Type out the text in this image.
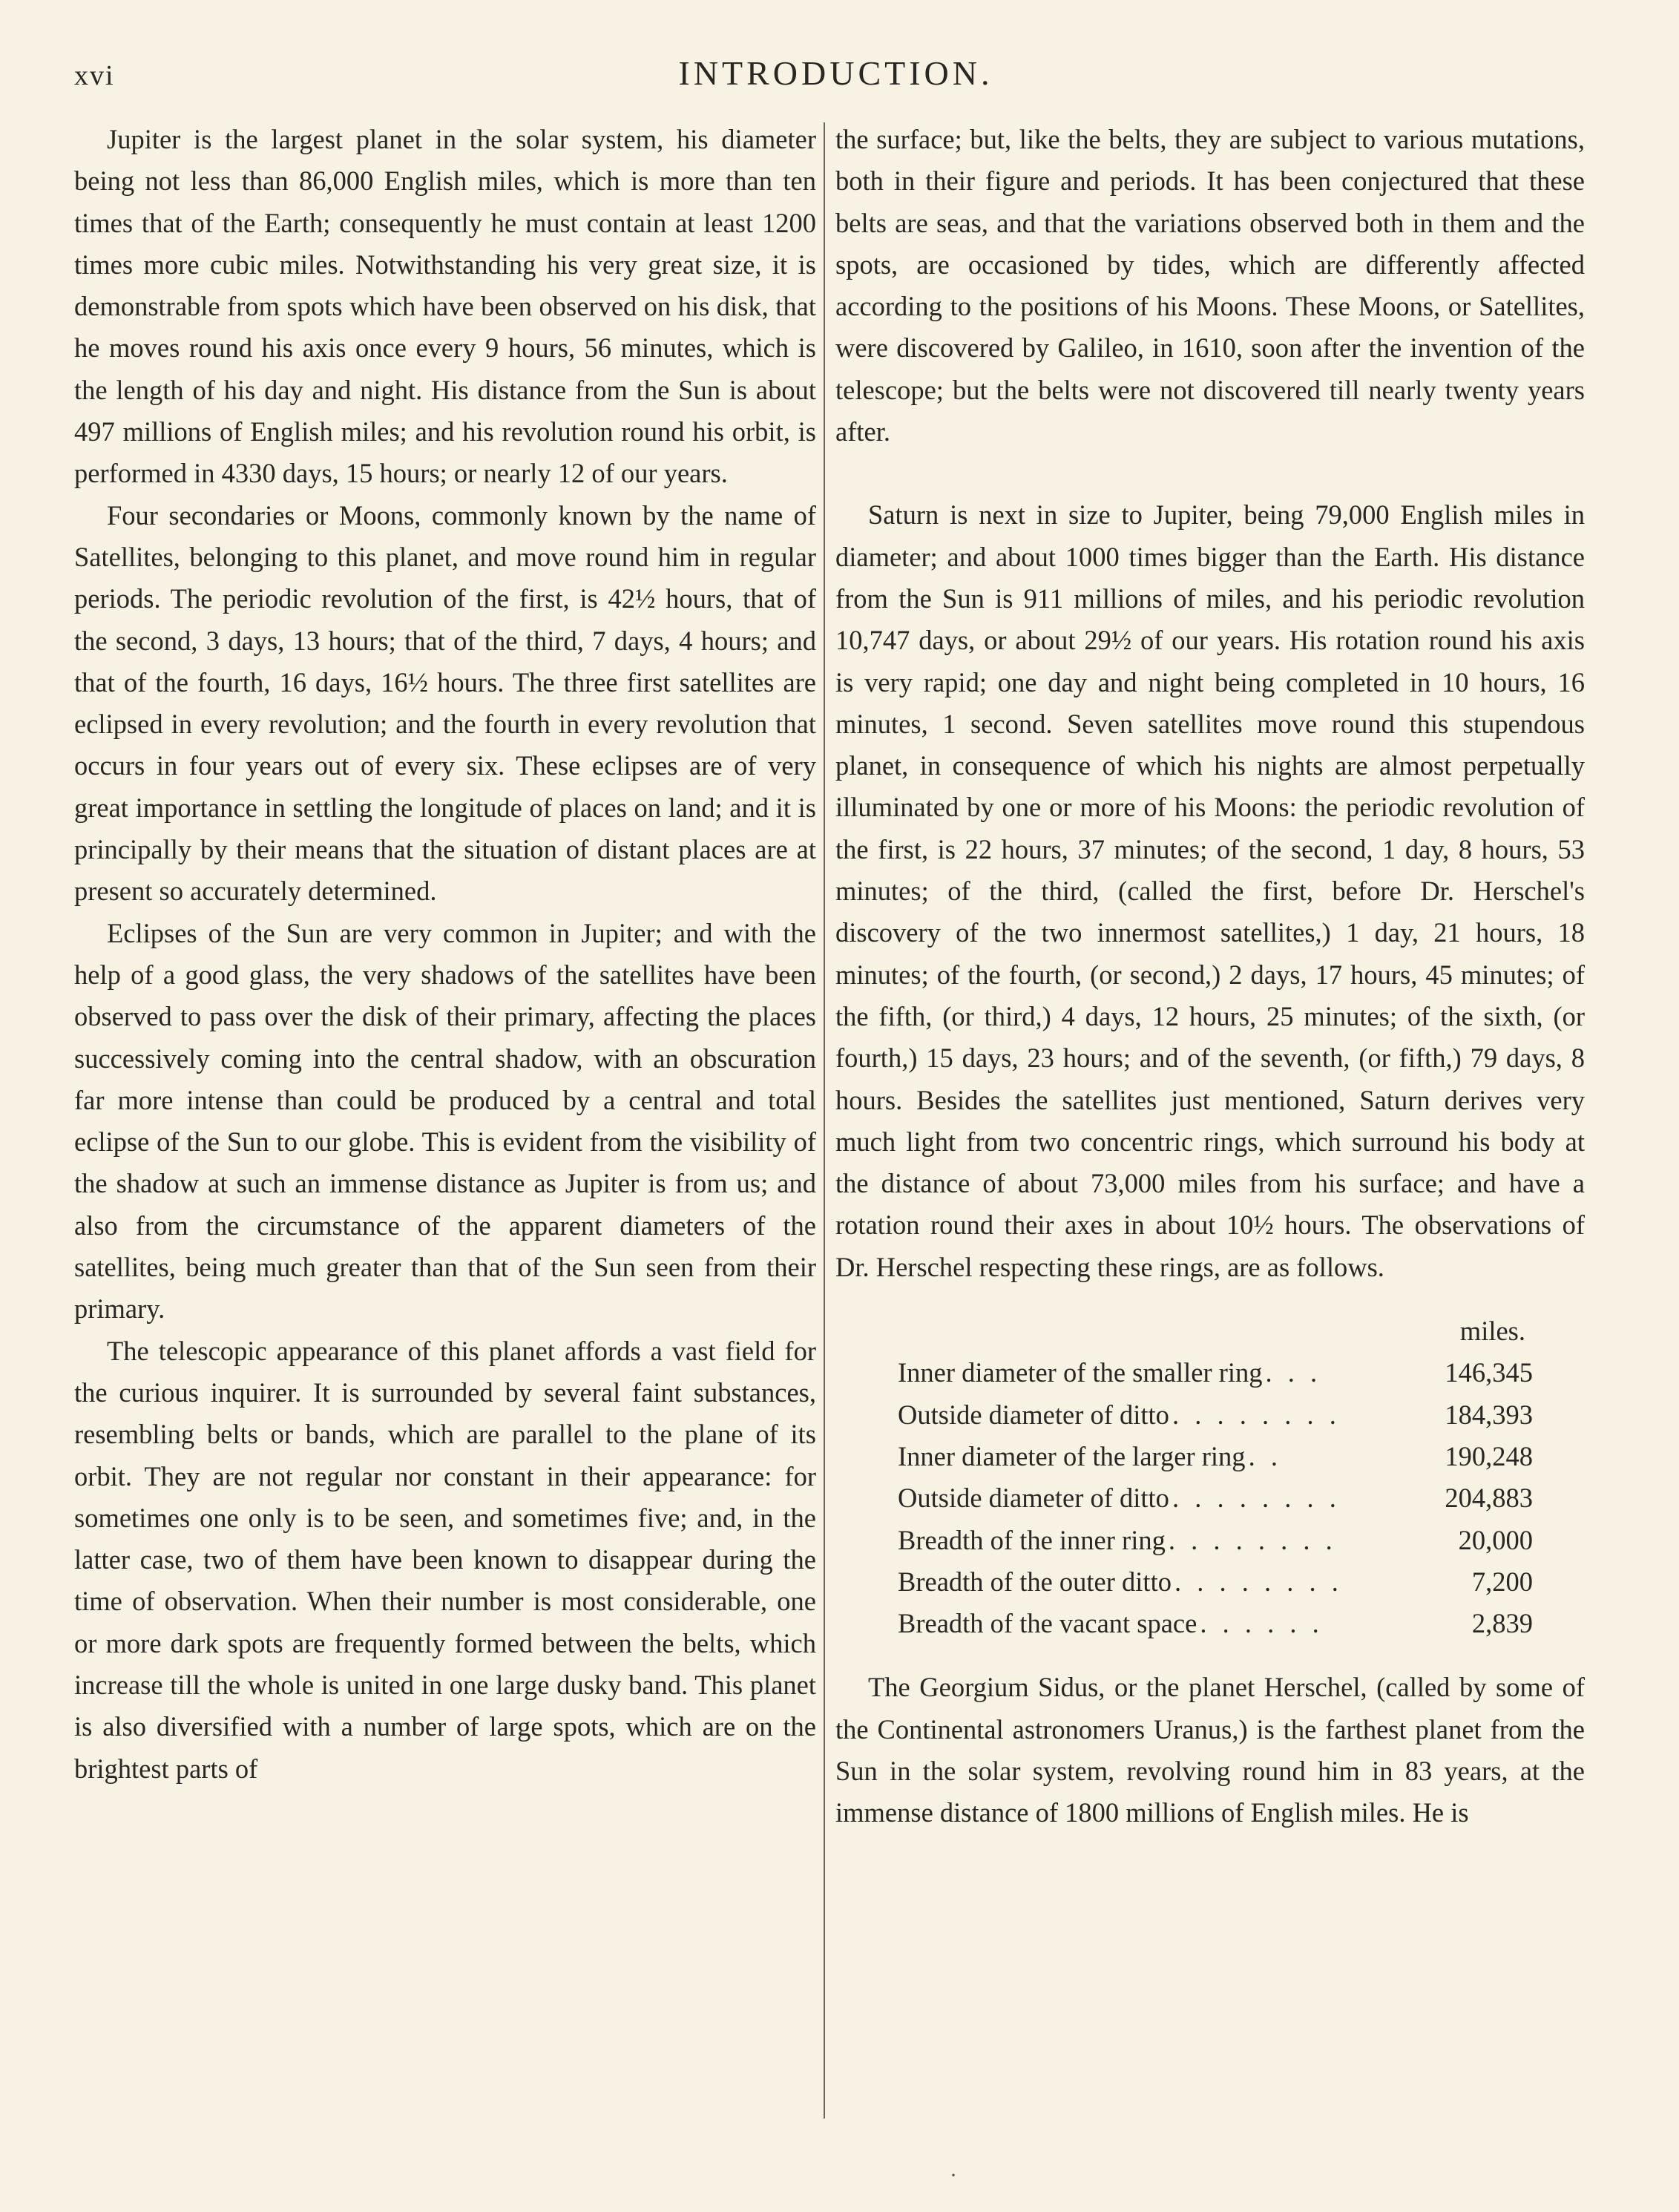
xvi	INTRODUCTION.

Jupiter is the largest planet in the solar system, his diameter being not less than 86,000 English miles, which is more than ten times that of the Earth; consequently he must contain at least 1200 times more cubic miles. Notwithstanding his very great size, it is demonstrable from spots which have been observed on his disk, that he moves round his axis once every 9 hours, 56 minutes, which is the length of his day and night. His distance from the Sun is about 497 millions of English miles; and his revolution round his orbit, is performed in 4330 days, 15 hours; or nearly 12 of our years.

Four secondaries or Moons, commonly known by the name of Satellites, belonging to this planet, and move round him in regular periods. The periodic revolution of the first, is 42½ hours, that of the second, 3 days, 13 hours; that of the third, 7 days, 4 hours; and that of the fourth, 16 days, 16½ hours. The three first satellites are eclipsed in every revolution; and the fourth in every revolution that occurs in four years out of every six. These eclipses are of very great importance in settling the longitude of places on land; and it is principally by their means that the situation of distant places are at present so accurately determined.

Eclipses of the Sun are very common in Jupiter; and with the help of a good glass, the very shadows of the satellites have been observed to pass over the disk of their primary, affecting the places successively coming into the central shadow, with an obscuration far more intense than could be produced by a central and total eclipse of the Sun to our globe. This is evident from the visibility of the shadow at such an immense distance as Jupiter is from us; and also from the circumstance of the apparent diameters of the satellites, being much greater than that of the Sun seen from their primary.

The telescopic appearance of this planet affords a vast field for the curious inquirer. It is surrounded by several faint substances, resembling belts or bands, which are parallel to the plane of its orbit. They are not regular nor constant in their appearance: for sometimes one only is to be seen, and sometimes five; and, in the latter case, two of them have been known to disappear during the time of observation. When their number is most considerable, one or more dark spots are frequently formed between the belts, which increase till the whole is united in one large dusky band. This planet is also diversified with a number of large spots, which are on the brightest parts of

the surface; but, like the belts, they are subject to various mutations, both in their figure and periods. It has been conjectured that these belts are seas, and that the variations observed both in them and the spots, are occasioned by tides, which are differently affected according to the positions of his Moons. These Moons, or Satellites, were discovered by Galileo, in 1610, soon after the invention of the telescope; but the belts were not discovered till nearly twenty years after.

Saturn is next in size to Jupiter, being 79,000 English miles in diameter; and about 1000 times bigger than the Earth. His distance from the Sun is 911 millions of miles, and his periodic revolution 10,747 days, or about 29½ of our years. His rotation round his axis is very rapid; one day and night being completed in 10 hours, 16 minutes, 1 second. Seven satellites move round this stupendous planet, in consequence of which his nights are almost perpetually illuminated by one or more of his Moons: the periodic revolution of the first, is 22 hours, 37 minutes; of the second, 1 day, 8 hours, 53 minutes; of the third, (called the first, before Dr. Herschel's discovery of the two innermost satellites,) 1 day, 21 hours, 18 minutes; of the fourth, (or second,) 2 days, 17 hours, 45 minutes; of the fifth, (or third,) 4 days, 12 hours, 25 minutes; of the sixth, (or fourth,) 15 days, 23 hours; and of the seventh, (or fifth,) 79 days, 8 hours. Besides the satellites just mentioned, Saturn derives very much light from two concentric rings, which surround his body at the distance of about 73,000 miles from his surface; and have a rotation round their axes in about 10½ hours. The observations of Dr. Herschel respecting these rings, are as follows.

miles.
Inner diameter of the smaller ring . . .	146,345
Outside diameter of ditto . . . . . . . .	184,393
Inner diameter of the larger ring . .	190,248
Outside diameter of ditto . . . . . . . .	204,883
Breadth of the inner ring . . . . . . . .	20,000
Breadth of the outer ditto . . . . . . . .	7,200
Breadth of the vacant space . . . . . .	2,839

The Georgium Sidus, or the planet Herschel, (called by some of the Continental astronomers Uranus,) is the farthest planet from the Sun in the solar system, revolving round him in 83 years, at the immense distance of 1800 millions of English miles. He is

·
